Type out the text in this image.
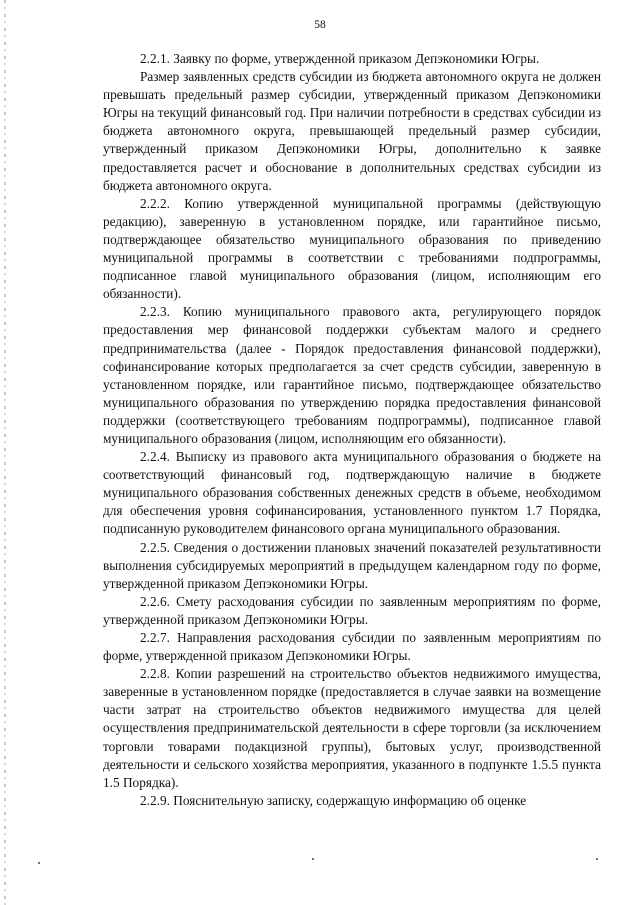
58

2.2.1. Заявку по форме, утвержденной приказом Депэкономики Югры.

Размер заявленных средств субсидии из бюджета автономного округа не должен превышать предельный размер субсидии, утвержденный приказом Депэкономики Югры на текущий финансовый год. При наличии потребности в средствах субсидии из бюджета автономного округа, превышающей предельный размер субсидии, утвержденный приказом Депэкономики Югры, дополнительно к заявке предоставляется расчет и обоснование в дополнительных средствах субсидии из бюджета автономного округа.

2.2.2. Копию утвержденной муниципальной программы (действующую редакцию), заверенную в установленном порядке, или гарантийное письмо, подтверждающее обязательство муниципального образования по приведению муниципальной программы в соответствии с требованиями подпрограммы, подписанное главой муниципального образования (лицом, исполняющим его обязанности).

2.2.3. Копию муниципального правового акта, регулирующего порядок предоставления мер финансовой поддержки субъектам малого и среднего предпринимательства (далее - Порядок предоставления финансовой поддержки), софинансирование которых предполагается за счет средств субсидии, заверенную в установленном порядке, или гарантийное письмо, подтверждающее обязательство муниципального образования по утверждению порядка предоставления финансовой поддержки (соответствующего требованиям подпрограммы), подписанное главой муниципального образования (лицом, исполняющим его обязанности).

2.2.4. Выписку из правового акта муниципального образования о бюджете на соответствующий финансовый год, подтверждающую наличие в бюджете муниципального образования собственных денежных средств в объеме, необходимом для обеспечения уровня софинансирования, установленного пунктом 1.7 Порядка, подписанную руководителем финансового органа муниципального образования.

2.2.5. Сведения о достижении плановых значений показателей результативности выполнения субсидируемых мероприятий в предыдущем календарном году по форме, утвержденной приказом Депэкономики Югры.

2.2.6. Смету расходования субсидии по заявленным мероприятиям по форме, утвержденной приказом Депэкономики Югры.

2.2.7. Направления расходования субсидии по заявленным мероприятиям по форме, утвержденной приказом Депэкономики Югры.

2.2.8. Копии разрешений на строительство объектов недвижимого имущества, заверенные в установленном порядке (предоставляется в случае заявки на возмещение части затрат на строительство объектов недвижимого имущества для целей осуществления предпринимательской деятельности в сфере торговли (за исключением торговли товарами подакцизной группы), бытовых услуг, производственной деятельности и сельского хозяйства мероприятия, указанного в подпункте 1.5.5 пункта 1.5 Порядка).

2.2.9. Пояснительную записку, содержащую информацию об оценке
